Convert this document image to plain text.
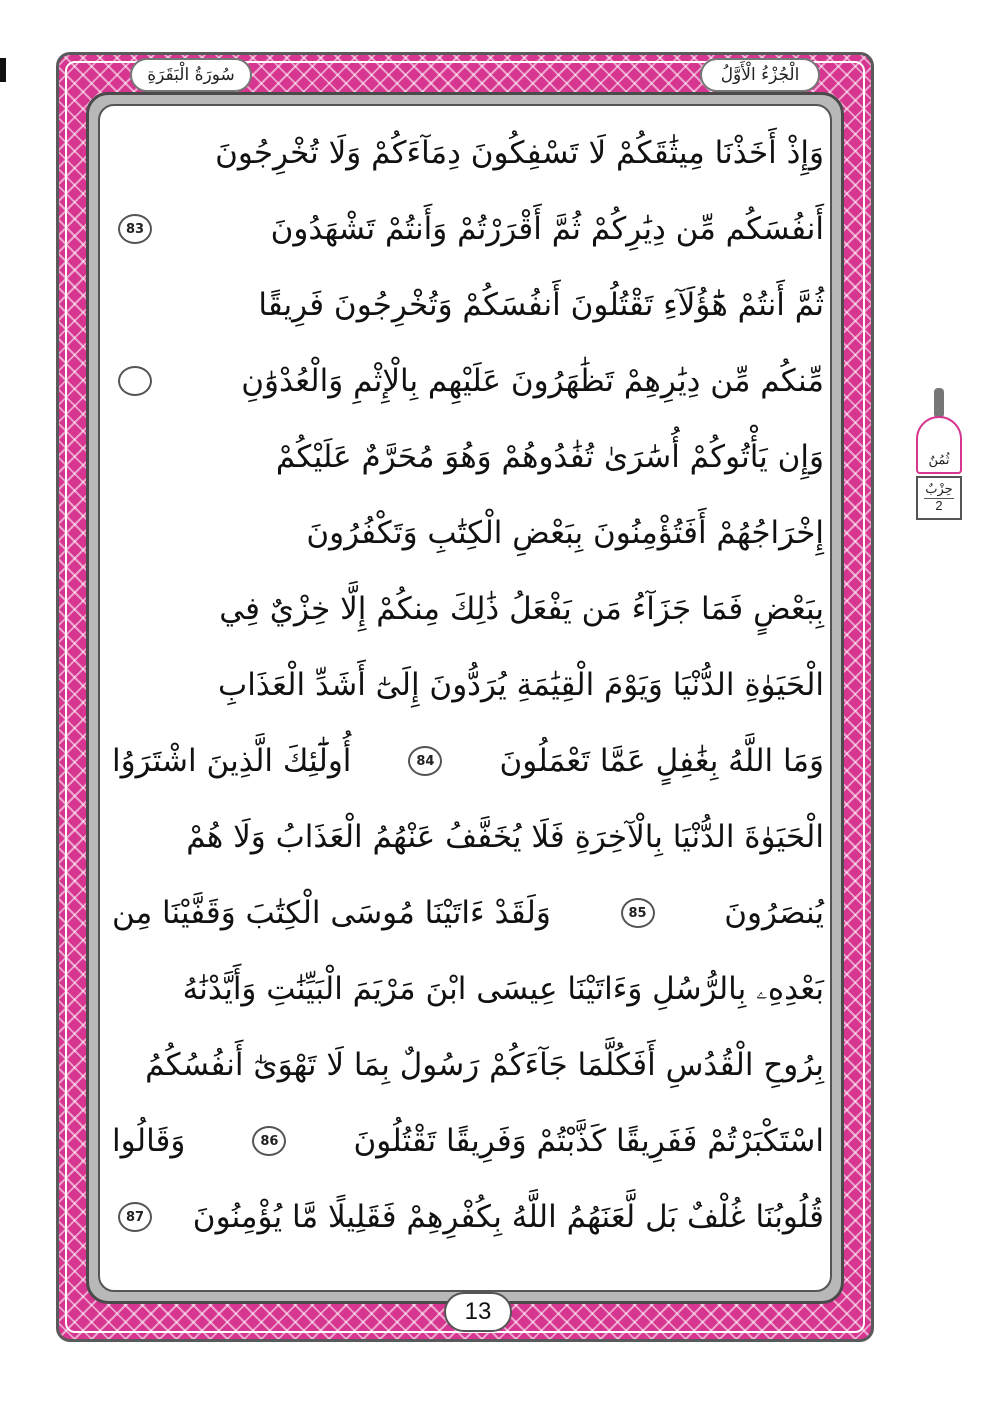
الْجُزْءُ الْأَوَّلُ
سُورَةُ الْبَقَرَةِ
وَإِذْ أَخَذْنَا مِيثَٰقَكُمْ لَا تَسْفِكُونَ دِمَآءَكُمْ وَلَا تُخْرِجُونَ
أَنفُسَكُم مِّن دِيَٰرِكُمْ ثُمَّ أَقْرَرْتُمْ وَأَنتُمْ تَشْهَدُونَ
83
ثُمَّ أَنتُمْ هَٰٓؤُلَآءِ تَقْتُلُونَ أَنفُسَكُمْ وَتُخْرِجُونَ فَرِيقًا
مِّنكُم مِّن دِيَٰرِهِمْ تَظَٰهَرُونَ عَلَيْهِم بِالْإِثْمِ وَالْعُدْوَٰنِ
وَإِن يَأْتُوكُمْ أُسَٰرَىٰ تُفَٰدُوهُمْ وَهُوَ مُحَرَّمٌ عَلَيْكُمْ
إِخْرَاجُهُمْ أَفَتُؤْمِنُونَ بِبَعْضِ الْكِتَٰبِ وَتَكْفُرُونَ
بِبَعْضٍ فَمَا جَزَآءُ مَن يَفْعَلُ ذَٰلِكَ مِنكُمْ إِلَّا خِزْيٌ فِي
الْحَيَوٰةِ الدُّنْيَا وَيَوْمَ الْقِيَٰمَةِ يُرَدُّونَ إِلَىٰٓ أَشَدِّ الْعَذَابِ
وَمَا اللَّهُ بِغَٰفِلٍ عَمَّا تَعْمَلُونَ
84
أُولَٰٓئِكَ الَّذِينَ اشْتَرَوُا
الْحَيَوٰةَ الدُّنْيَا بِالْآخِرَةِ فَلَا يُخَفَّفُ عَنْهُمُ الْعَذَابُ وَلَا هُمْ
يُنصَرُونَ
85
وَلَقَدْ ءَاتَيْنَا مُوسَى الْكِتَٰبَ وَقَفَّيْنَا مِن
بَعْدِهِۦ بِالرُّسُلِ وَءَاتَيْنَا عِيسَى ابْنَ مَرْيَمَ الْبَيِّنَٰتِ وَأَيَّدْنَٰهُ
بِرُوحِ الْقُدُسِ أَفَكُلَّمَا جَآءَكُمْ رَسُولٌ بِمَا لَا تَهْوَىٰٓ أَنفُسُكُمُ
اسْتَكْبَرْتُمْ فَفَرِيقًا كَذَّبْتُمْ وَفَرِيقًا تَقْتُلُونَ
86
وَقَالُوا
قُلُوبُنَا غُلْفٌ بَل لَّعَنَهُمُ اللَّهُ بِكُفْرِهِمْ فَقَلِيلًا مَّا يُؤْمِنُونَ
87
13
ثُمُنٌ
حِزْبٌ
2
